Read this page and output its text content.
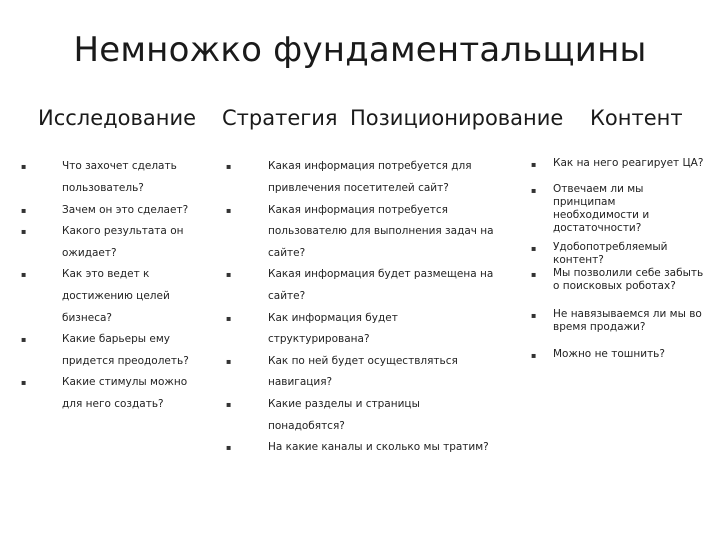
Немножко фундаментальщины
Исследование Стратегия Позиционирование Контент
▪	Что захочет сделать
пользователь?
▪	Зачем он это сделает?
▪	Какого результата он
ожидает?
▪	Как это ведет к
достижению целей
бизнеса?
▪	Какие барьеры ему
придется преодолеть?
▪	Какие стимулы можно
для него создать?
▪	Какая информация потребуется для
привлечения посетителей сайт?
▪	Какая информация потребуется
пользователю для выполнения задач на
сайте?
▪	Какая информация будет размещена на
сайте?
▪	Как информация будет
структурирована?
▪	Как по ней будет осуществляться
навигация?
▪	Какие разделы и страницы
понадобятся?
▪	На какие каналы и сколько мы тратим?
▪ Как на него реагирует ЦА?
▪ Отвечаем ли мы принципам необходимости и достаточности?
▪ Удобопотребляемый контент?
▪ Мы позволили себе забыть о поисковых роботах?
▪ Не навязываемся ли мы во время продажи?
▪ Можно не тошнить?
